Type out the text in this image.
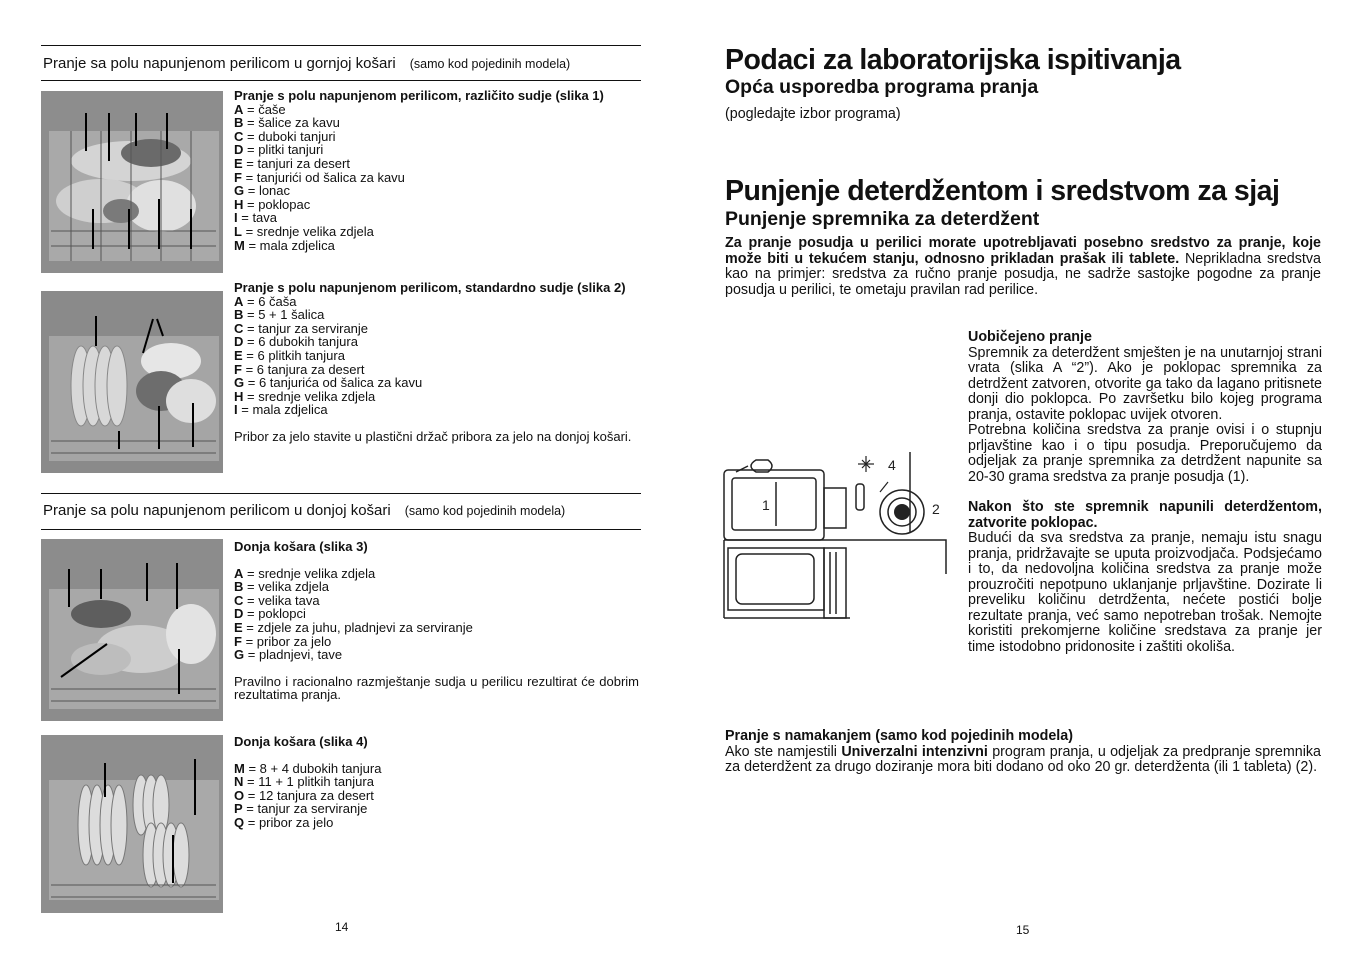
Pranje sa polu napunjenom perilicom u gornjoj košari (samo kod pojedinih modela)
Pranje s polu napunjenom perilicom, različito sudje (slika 1)
A = čaše
B = šalice za kavu
C = duboki tanjuri
D = plitki tanjuri
E = tanjuri za desert
F = tanjurići od šalica za kavu
G = lonac
H = poklopac
I = tava
L = srednje velika zdjela
M = mala zdjelica
Pranje s polu napunjenom perilicom, standardno sudje (slika 2)
A = 6 čaša
B = 5 + 1 šalica
C = tanjur za serviranje
D = 6 dubokih tanjura
E = 6 plitkih tanjura
F = 6 tanjura za desert
G = 6 tanjurića od šalica za kavu
H = srednje velika zdjela
I = mala zdjelica
Pribor za jelo stavite u plastični držač pribora za jelo na donjoj košari.
Pranje sa polu napunjenom perilicom u donjoj košari (samo kod pojedinih modela)
Donja košara (slika 3)
A = srednje velika zdjela
B = velika zdjela
C = velika tava
D = poklopci
E = zdjele za juhu, pladnjevi za serviranje
F = pribor za jelo
G = pladnjevi, tave
Pravilno i racionalno razmještanje sudja u perilicu rezultirat će dobrim rezultatima pranja.
Donja košara (slika 4)
M = 8 + 4 dubokih tanjura
N = 11 + 1 plitkih tanjura
O = 12 tanjura za desert
P = tanjur za serviranje
Q = pribor za jelo
14
Podaci za laboratorijska ispitivanja
Opća usporedba programa pranja
(pogledajte izbor programa)
Punjenje deterdžentom i sredstvom za sjaj
Punjenje spremnika za deterdžent
Za pranje posudja u perilici morate upotrebljavati posebno sredstvo za pranje, koje može biti u tekućem stanju, odnosno prikladan prašak ili tablete. Neprikladna sredstva kao na primjer: sredstva za ručno pranje posudja, ne sadrže sastojke pogodne za pranje posudja u perilici, te ometaju pravilan rad perilice.
1	2
4
Uobičejeno pranje
Spremnik za deterdžent smješten je na unutarnjoj strani vrata (slika A “2”). Ako je poklopac spremnika za detrdžent zatvoren, otvorite ga tako da lagano pritisnete donji dio poklopca. Po završetku bilo kojeg programa pranja, ostavite poklopac uvijek otvoren.
Potrebna količina sredstva za pranje ovisi i o stupnju prljavštine kao i o tipu posudja. Preporučujemo da odjeljak za pranje spremnika za detrdžent napunite sa 20-30 grama sredstva za pranje posudja (1).
Nakon što ste spremnik napunili deterdžentom, zatvorite poklopac.
Budući da sva sredstva za pranje, nemaju istu snagu pranja, pridržavajte se uputa proizvodjača. Podsjećamo i to, da nedovoljna količina sredstva za pranje može prouzročiti nepotpuno uklanjanje prljavštine. Dozirate li preveliku količinu detrdženta, nećete postići bolje rezultate pranja, već samo nepotreban trošak. Nemojte koristiti prekomjerne količine sredstava za pranje jer time istodobno pridonosite i zaštiti okoliša.
Pranje s namakanjem (samo kod pojedinih modela)
Ako ste namjestili Univerzalni intenzivni program pranja, u odjeljak za predpranje spremnika za deterdžent za drugo doziranje mora biti dodano od oko 20 gr. deterdženta (ili 1 tableta) (2).
15
